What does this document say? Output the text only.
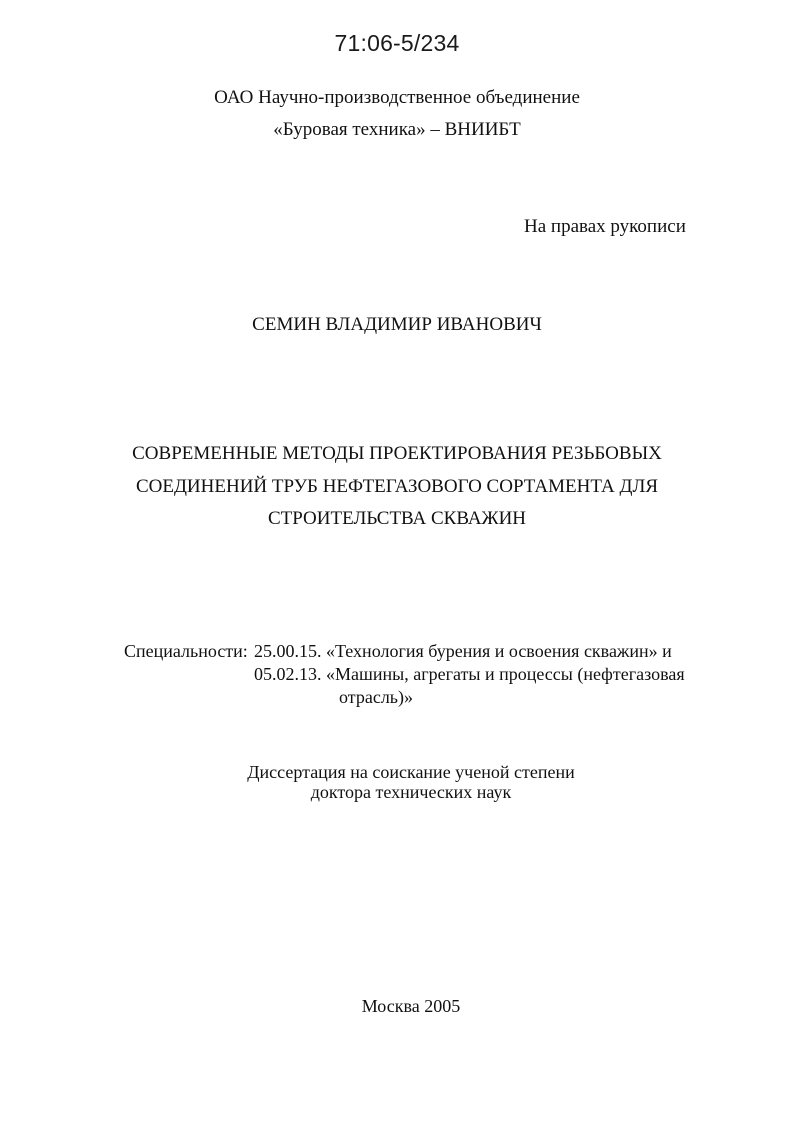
71:06-5/234
ОАО Научно-производственное объединение
«Буровая техника» – ВНИИБТ
На правах рукописи
СЕМИН ВЛАДИМИР ИВАНОВИЧ
СОВРЕМЕННЫЕ МЕТОДЫ ПРОЕКТИРОВАНИЯ РЕЗЬБОВЫХ
СОЕДИНЕНИЙ ТРУБ НЕФТЕГАЗОВОГО СОРТАМЕНТА ДЛЯ
СТРОИТЕЛЬСТВА СКВАЖИН
Специальности: 25.00.15. «Технология бурения и освоения скважин» и
05.02.13. «Машины, агрегаты и процессы (нефтегазовая
отрасль)»
Диссертация на соискание ученой степени
доктора технических наук
Москва 2005
